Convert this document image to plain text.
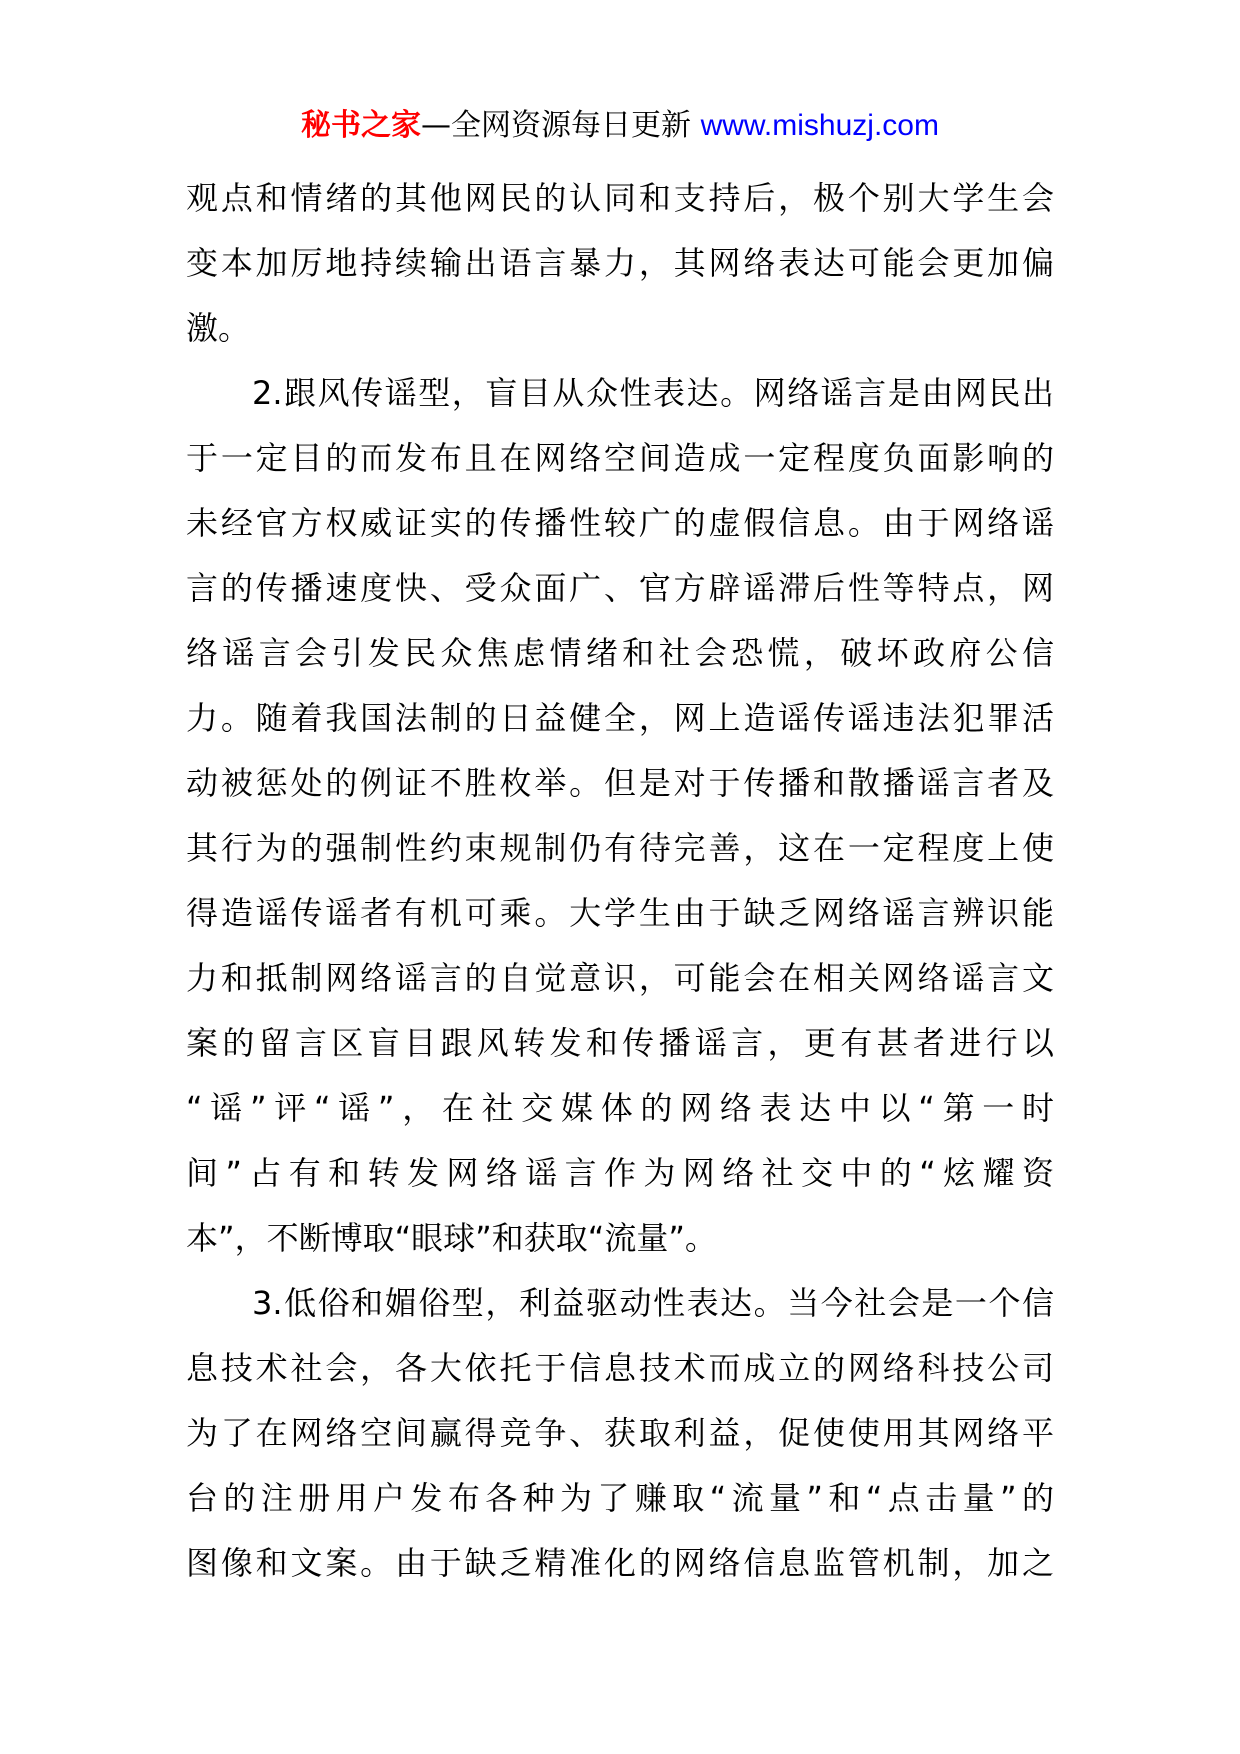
秘书之家—全网资源每日更新 www.mishuzj.com
观点和情绪的其他网民的认同和支持后，极个别大学生会
变本加厉地持续输出语言暴力，其网络表达可能会更加偏
激。
2.跟风传谣型，盲目从众性表达。网络谣言是由网民出
于一定目的而发布且在网络空间造成一定程度负面影响的
未经官方权威证实的传播性较广的虚假信息。由于网络谣
言的传播速度快、受众面广、官方辟谣滞后性等特点，网
络谣言会引发民众焦虑情绪和社会恐慌，破坏政府公信
力。随着我国法制的日益健全，网上造谣传谣违法犯罪活
动被惩处的例证不胜枚举。但是对于传播和散播谣言者及
其行为的强制性约束规制仍有待完善，这在一定程度上使
得造谣传谣者有机可乘。大学生由于缺乏网络谣言辨识能
力和抵制网络谣言的自觉意识，可能会在相关网络谣言文
案的留言区盲目跟风转发和传播谣言，更有甚者进行以
“谣”评“谣”，在社交媒体的网络表达中以“第一时
间”占有和转发网络谣言作为网络社交中的“炫耀资
本”，不断博取“眼球”和获取“流量”。
3.低俗和媚俗型，利益驱动性表达。当今社会是一个信
息技术社会，各大依托于信息技术而成立的网络科技公司
为了在网络空间赢得竞争、获取利益，促使使用其网络平
台的注册用户发布各种为了赚取“流量”和“点击量”的
图像和文案。由于缺乏精准化的网络信息监管机制，加之
